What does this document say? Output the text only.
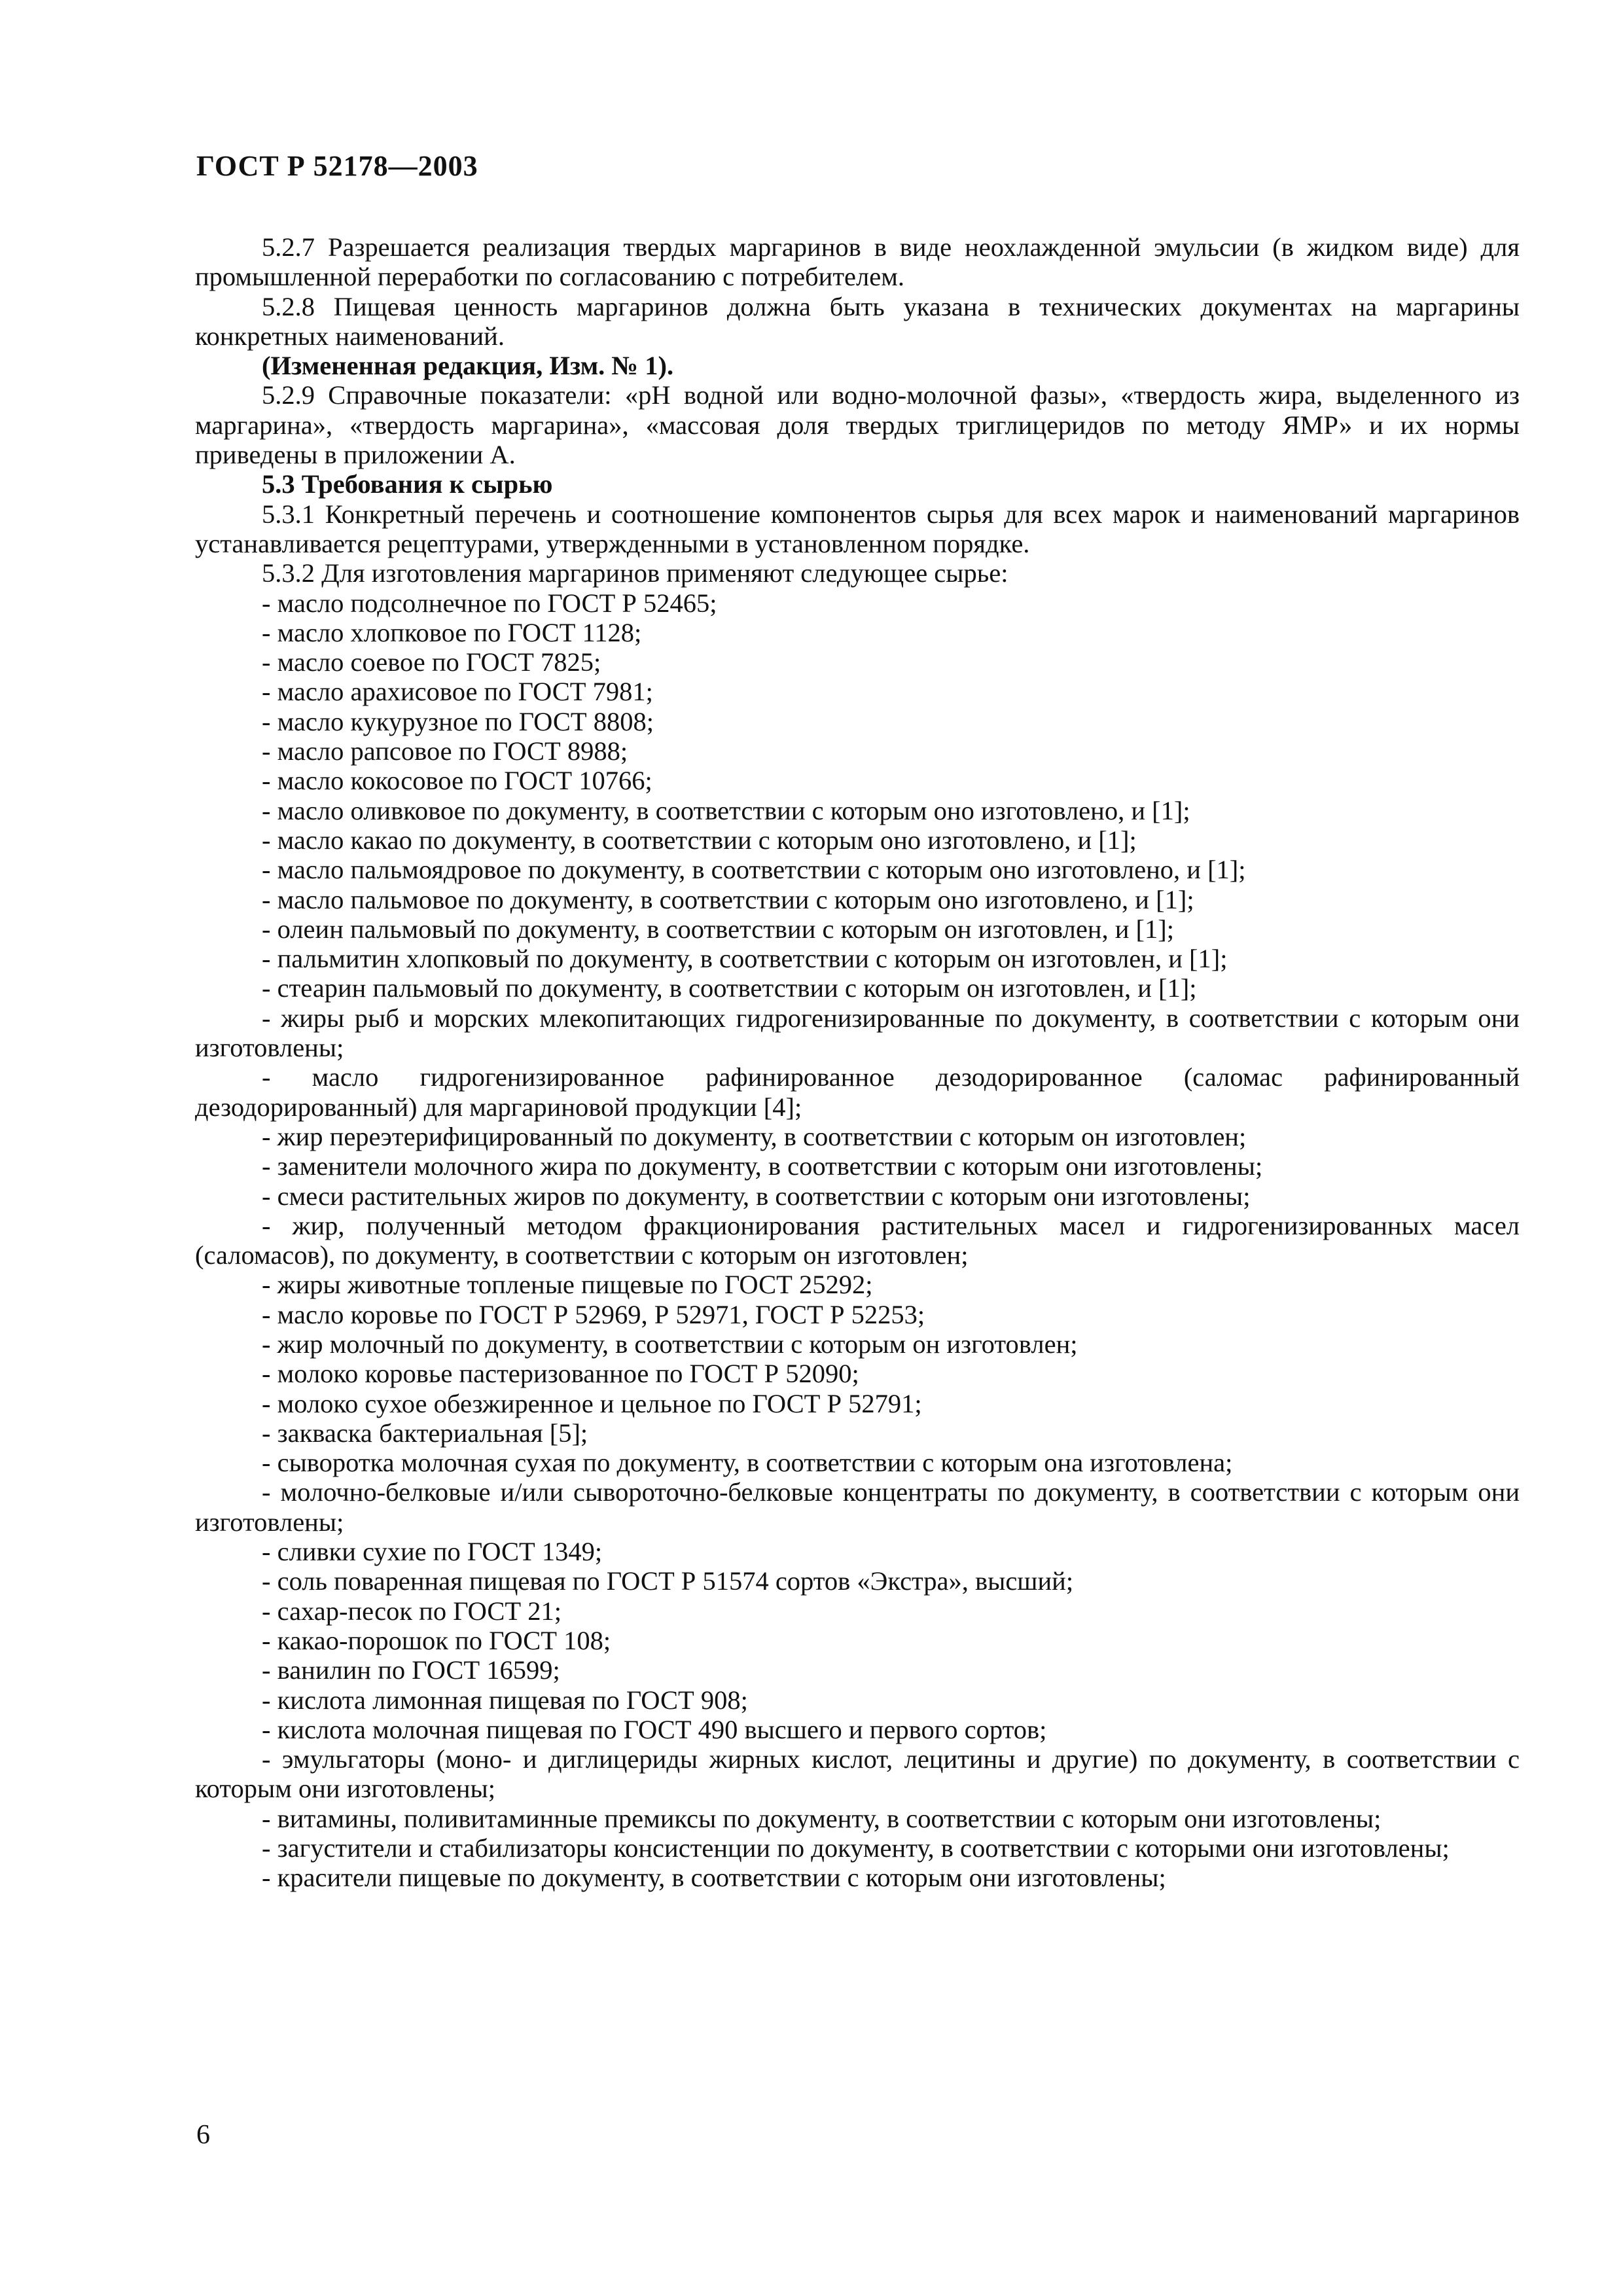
ГОСТ Р 52178—2003

5.2.7 Разрешается реализация твердых маргаринов в виде неохлажденной эмульсии (в жидком виде) для промышленной переработки по согласованию с потребителем.

5.2.8 Пищевая ценность маргаринов должна быть указана в технических документах на маргарины конкретных наименований.

(Измененная редакция, Изм. № 1).

5.2.9 Справочные показатели: «pH водной или водно-молочной фазы», «твердость жира, выделенного из маргарина», «твердость маргарина», «массовая доля твердых триглицеридов по методу ЯМР» и их нормы приведены в приложении А.

5.3 Требования к сырью

5.3.1 Конкретный перечень и соотношение компонентов сырья для всех марок и наименований маргаринов устанавливается рецептурами, утвержденными в установленном порядке.

5.3.2 Для изготовления маргаринов применяют следующее сырье:

- масло подсолнечное по ГОСТ Р 52465;

- масло хлопковое по ГОСТ 1128;

- масло соевое по ГОСТ 7825;

- масло арахисовое по ГОСТ 7981;

- масло кукурузное по ГОСТ 8808;

- масло рапсовое по ГОСТ 8988;

- масло кокосовое по ГОСТ 10766;

- масло оливковое по документу, в соответствии с которым оно изготовлено, и [1];

- масло какао по документу, в соответствии с которым оно изготовлено, и [1];

- масло пальмоядровое по документу, в соответствии с которым оно изготовлено, и [1];

- масло пальмовое по документу, в соответствии с которым оно изготовлено, и [1];

- олеин пальмовый по документу, в соответствии с которым он изготовлен, и [1];

- пальмитин хлопковый по документу, в соответствии с которым он изготовлен, и [1];

- стеарин пальмовый по документу, в соответствии с которым он изготовлен, и [1];

- жиры рыб и морских млекопитающих гидрогенизированные по документу, в соответствии с которым они изготовлены;

- масло гидрогенизированное рафинированное дезодорированное (саломас рафинированный дезодорированный) для маргариновой продукции [4];

- жир переэтерифицированный по документу, в соответствии с которым он изготовлен;

- заменители молочного жира по документу, в соответствии с которым они изготовлены;

- смеси растительных жиров по документу, в соответствии с которым они изготовлены;

- жир, полученный методом фракционирования растительных масел и гидрогенизированных масел (саломасов), по документу, в соответствии с которым он изготовлен;

- жиры животные топленые пищевые по ГОСТ 25292;

- масло коровье по ГОСТ Р 52969, Р 52971, ГОСТ Р 52253;

- жир молочный по документу, в соответствии с которым он изготовлен;

- молоко коровье пастеризованное по ГОСТ Р 52090;

- молоко сухое обезжиренное и цельное по ГОСТ Р 52791;

- закваска бактериальная [5];

- сыворотка молочная сухая по документу, в соответствии с которым она изготовлена;

- молочно-белковые и/или сывороточно-белковые концентраты по документу, в соответствии с которым они изготовлены;

- сливки сухие по ГОСТ 1349;

- соль поваренная пищевая по ГОСТ Р 51574 сортов «Экстра», высший;

- сахар-песок по ГОСТ 21;

- какао-порошок по ГОСТ 108;

- ванилин по ГОСТ 16599;

- кислота лимонная пищевая по ГОСТ 908;

- кислота молочная пищевая по ГОСТ 490 высшего и первого сортов;

- эмульгаторы (моно- и диглицериды жирных кислот, лецитины и другие) по документу, в соответствии с которым они изготовлены;

- витамины, поливитаминные премиксы по документу, в соответствии с которым они изготовлены;

- загустители и стабилизаторы консистенции по документу, в соответствии с которыми они изготовлены;

- красители пищевые по документу, в соответствии с которым они изготовлены;

6
